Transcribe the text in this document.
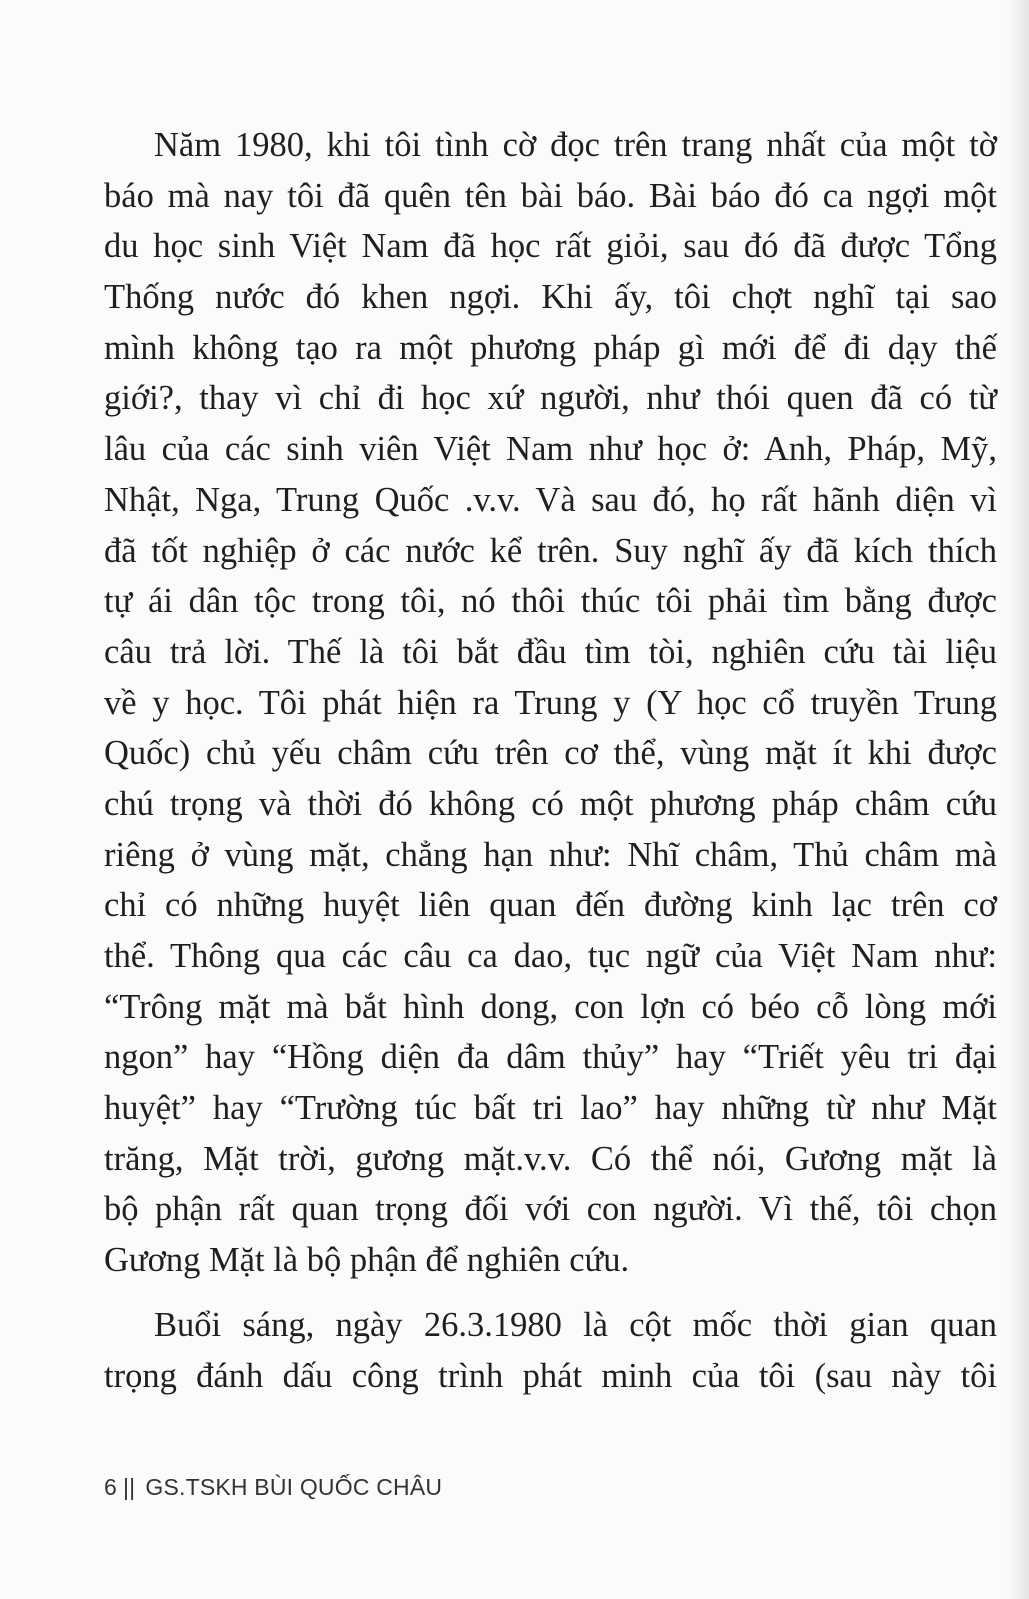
Năm 1980, khi tôi tình cờ đọc trên trang nhất của một tờ
báo mà nay tôi đã quên tên bài báo. Bài báo đó ca ngợi một
du học sinh Việt Nam đã học rất giỏi, sau đó đã được Tổng
Thống nước đó khen ngợi. Khi ấy, tôi chợt nghĩ tại sao
mình không tạo ra một phương pháp gì mới để đi dạy thế
giới?, thay vì chỉ đi học xứ người, như thói quen đã có từ
lâu của các sinh viên Việt Nam như học ở: Anh, Pháp, Mỹ,
Nhật, Nga, Trung Quốc .v.v. Và sau đó, họ rất hãnh diện vì
đã tốt nghiệp ở các nước kể trên. Suy nghĩ ấy đã kích thích
tự ái dân tộc trong tôi, nó thôi thúc tôi phải tìm bằng được
câu trả lời. Thế là tôi bắt đầu tìm tòi, nghiên cứu tài liệu
về y học. Tôi phát hiện ra Trung y (Y học cổ truyền Trung
Quốc) chủ yếu châm cứu trên cơ thể, vùng mặt ít khi được
chú trọng và thời đó không có một phương pháp châm cứu
riêng ở vùng mặt, chẳng hạn như: Nhĩ châm, Thủ châm mà
chỉ có những huyệt liên quan đến đường kinh lạc trên cơ
thể. Thông qua các câu ca dao, tục ngữ của Việt Nam như:
“Trông mặt mà bắt hình dong, con lợn có béo cỗ lòng mới
ngon” hay “Hồng diện đa dâm thủy” hay “Triết yêu tri đại
huyệt” hay “Trường túc bất tri lao” hay những từ như Mặt
trăng, Mặt trời, gương mặt.v.v. Có thể nói, Gương mặt là
bộ phận rất quan trọng đối với con người. Vì thế, tôi chọn
Gương Mặt là bộ phận để nghiên cứu.
Buổi sáng, ngày 26.3.1980 là cột mốc thời gian quan
trọng đánh dấu công trình phát minh của tôi (sau này tôi
6 || GS.TSKH BÙI QUỐC CHÂU
